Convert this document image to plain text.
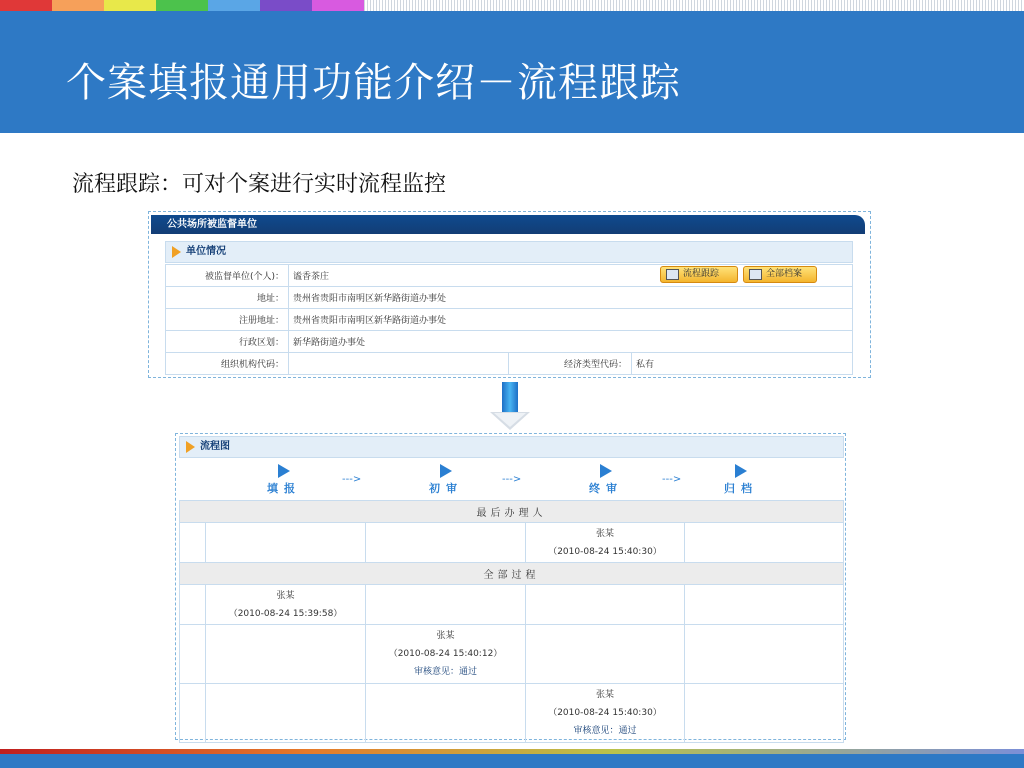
个案填报通用功能介绍－流程跟踪
流程跟踪：可对个案进行实时流程监控
公共场所被监督单位
单位情况
被监督单位(个人)：	谧香茶庄		
地址：	贵州省贵阳市南明区新华路街道办事处		
注册地址：	贵州省贵阳市南明区新华路街道办事处		
行政区划：	新华路街道办事处		
组织机构代码：		经济类型代码：	私有
流程跟踪	全部档案
流程图
填报
--->
初审
--->
终审
--->
归档
最后办理人				

			张某
（2010-08-24 15:40:30）	

全部过程				

	张某
（2010-08-24 15:39:58）			

		张某
（2010-08-24 15:40:12）
审核意见：通过		

			张某
（2010-08-24 15:40:30）
审核意见：通过	
